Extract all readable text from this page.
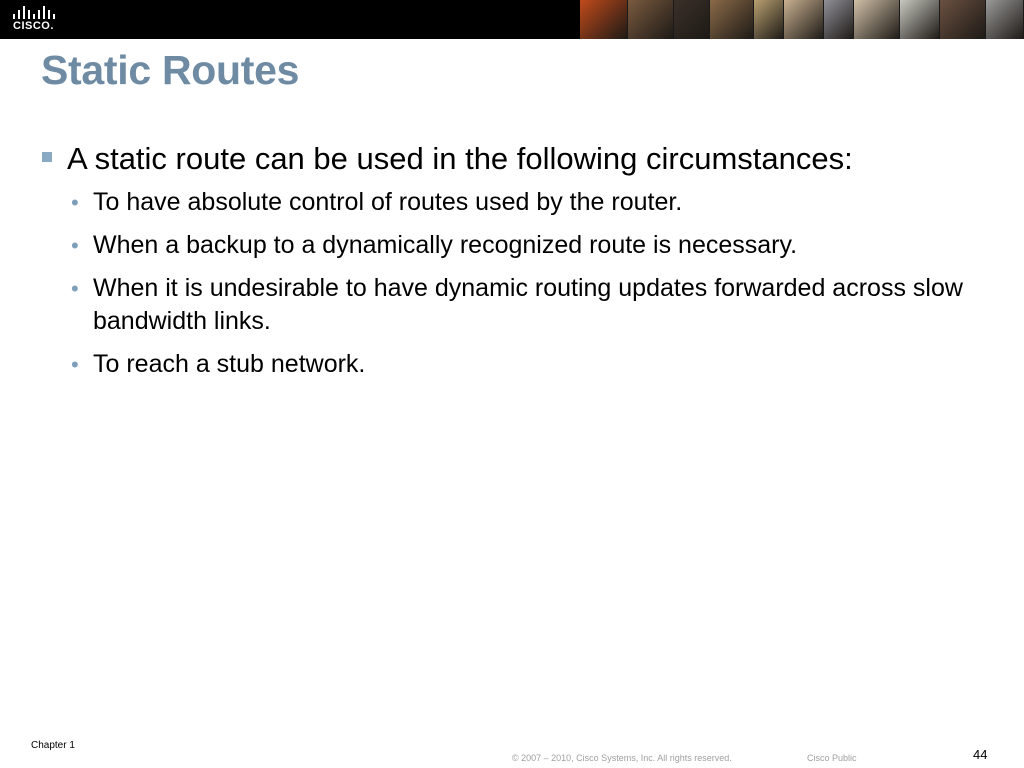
CISCO.
Static Routes

A static route can be used in the following circumstances:

• To have absolute control of routes used by the router.
• When a backup to a dynamically recognized route is necessary.
• When it is undesirable to have dynamic routing updates forwarded across slow bandwidth links.
• To reach a stub network.
Chapter 1
© 2007 – 2010, Cisco Systems, Inc. All rights reserved.	Cisco Public	44
